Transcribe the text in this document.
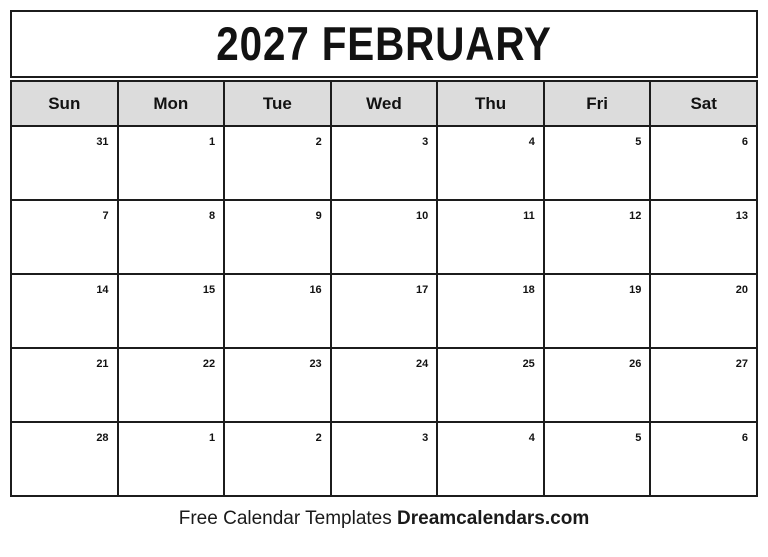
2027 FEBRUARY
Sun	Mon	Tue	Wed	Thu	Fri	Sat
31	1	2	3	4	5	6
7	8	9	10	11	12	13
14	15	16	17	18	19	20
21	22	23	24	25	26	27
28	1	2	3	4	5	6
Free Calendar Templates Dreamcalendars.com
